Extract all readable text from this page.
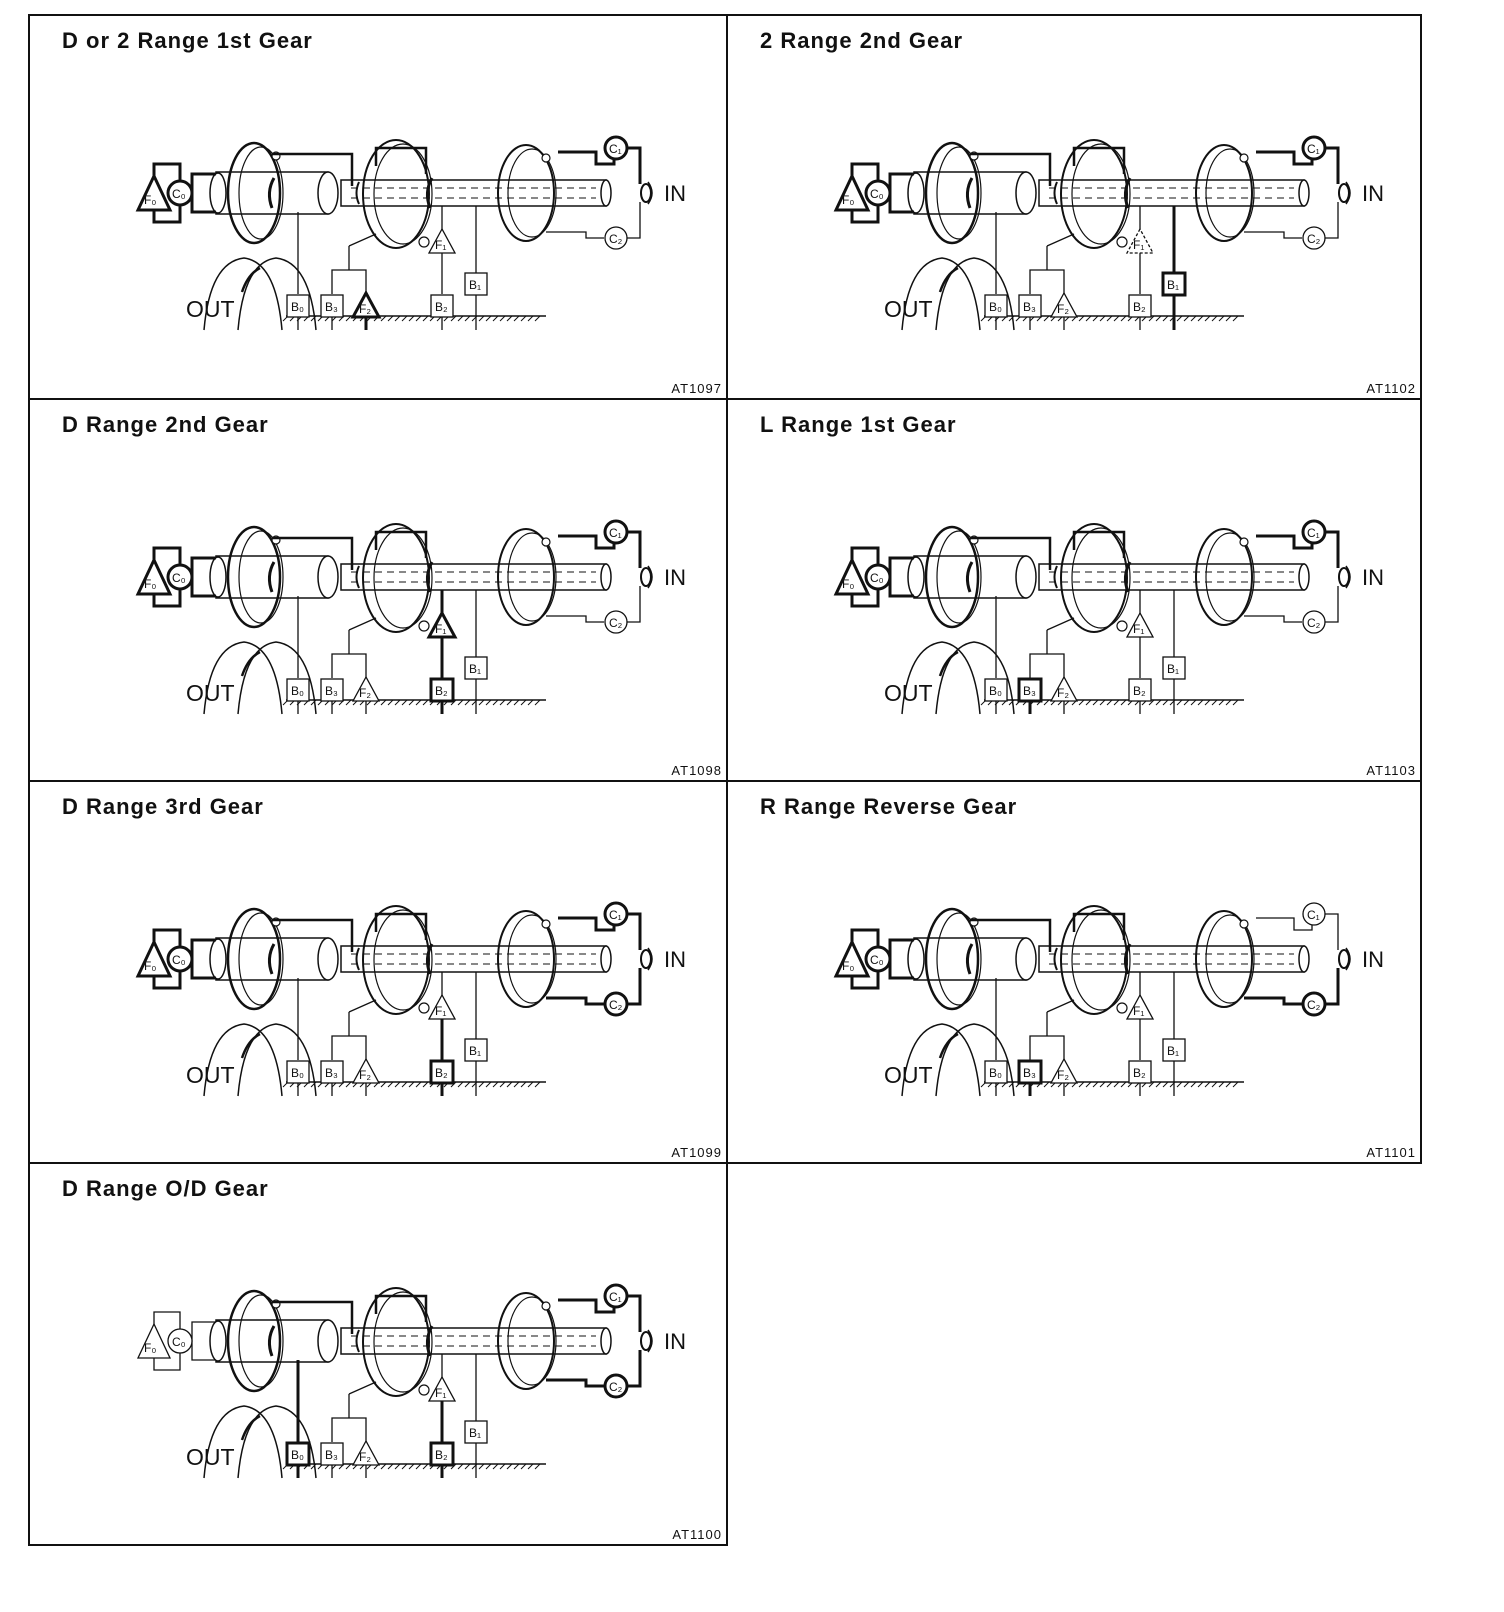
D or 2 Range 1st Gear
IN
OUT
C₀
F₀
C₁
C₂
B₀ B₃ F₂
F₁
B₂
B₁
AT1097
2 Range 2nd Gear
IN
OUT
C₀
F₀
C₁
C₂
B₀ B₃ F₂
F₁
B₂
B₁
AT1102
D Range 2nd Gear
IN
OUT
C₀
F₀
C₁
C₂
B₀ B₃ F₂
F₁
B₂
B₁
AT1098
L Range 1st Gear
IN
OUT
C₀
F₀
C₁
C₂
B₀ B₃ F₂
F₁
B₂
B₁
AT1103
D Range 3rd Gear
IN
OUT
C₀
F₀
C₁
C₂
B₀ B₃ F₂
F₁
B₂
B₁
AT1099
R Range Reverse Gear
IN
OUT
C₀
F₀
C₁
C₂
B₀ B₃ F₂
F₁
B₂
B₁
AT1101
D Range O/D Gear
IN
OUT
C₀
F₀
C₁
C₂
B₀ B₃ F₂
F₁
B₂
B₁
AT1100
